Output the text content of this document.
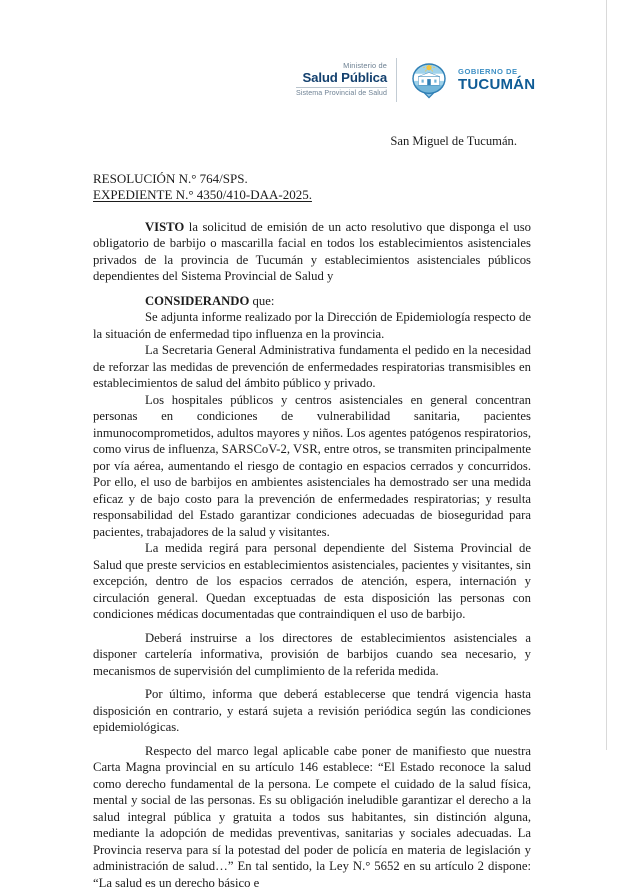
Ministerio de
Salud Pública
Sistema Provincial de Salud
GOBIERNO DE
TUCUMÁN
San Miguel de Tucumán.
RESOLUCIÓN N.° 764/SPS.
EXPEDIENTE N.° 4350/410-DAA-2025.

VISTO la solicitud de emisión de un acto resolutivo que disponga el uso obligatorio de barbijo o mascarilla facial en todos los establecimientos asistenciales privados de la provincia de Tucumán y establecimientos asistenciales públicos dependientes del Sistema Provincial de Salud y

CONSIDERANDO que:

Se adjunta informe realizado por la Dirección de Epidemiología respecto de la situación de enfermedad tipo influenza en la provincia.

La Secretaria General Administrativa fundamenta el pedido en la necesidad de reforzar las medidas de prevención de enfermedades respiratorias transmisibles en establecimientos de salud del ámbito público y privado.

Los hospitales públicos y centros asistenciales en general concentran personas en condiciones de vulnerabilidad sanitaria, pacientes inmunocomprometidos, adultos mayores y niños. Los agentes patógenos respiratorios, como virus de influenza, SARSCoV-2, VSR, entre otros, se transmiten principalmente por vía aérea, aumentando el riesgo de contagio en espacios cerrados y concurridos. Por ello, el uso de barbijos en ambientes asistenciales ha demostrado ser una medida eficaz y de bajo costo para la prevención de enfermedades respiratorias; y resulta responsabilidad del Estado garantizar condiciones adecuadas de bioseguridad para pacientes, trabajadores de la salud y visitantes.

La medida regirá para personal dependiente del Sistema Provincial de Salud que preste servicios en establecimientos asistenciales, pacientes y visitantes, sin excepción, dentro de los espacios cerrados de atención, espera, internación y circulación general. Quedan exceptuadas de esta disposición las personas con condiciones médicas documentadas que contraindiquen el uso de barbijo.

Deberá instruirse a los directores de establecimientos asistenciales a disponer cartelería informativa, provisión de barbijos cuando sea necesario, y mecanismos de supervisión del cumplimiento de la referida medida.

Por último, informa que deberá establecerse que tendrá vigencia hasta disposición en contrario, y estará sujeta a revisión periódica según las condiciones epidemiológicas.

Respecto del marco legal aplicable cabe poner de manifiesto que nuestra Carta Magna provincial en su artículo 146 establece: “El Estado reconoce la salud como derecho fundamental de la persona. Le compete el cuidado de la salud física, mental y social de las personas. Es su obligación ineludible garantizar el derecho a la salud integral pública y gratuita a todos sus habitantes, sin distinción alguna, mediante la adopción de medidas preventivas, sanitarias y sociales adecuadas. La Provincia reserva para sí la potestad del poder de policía en materia de legislación y administración de salud…” En tal sentido, la Ley N.° 5652 en su artículo 2 dispone: “La salud es un derecho básico e
